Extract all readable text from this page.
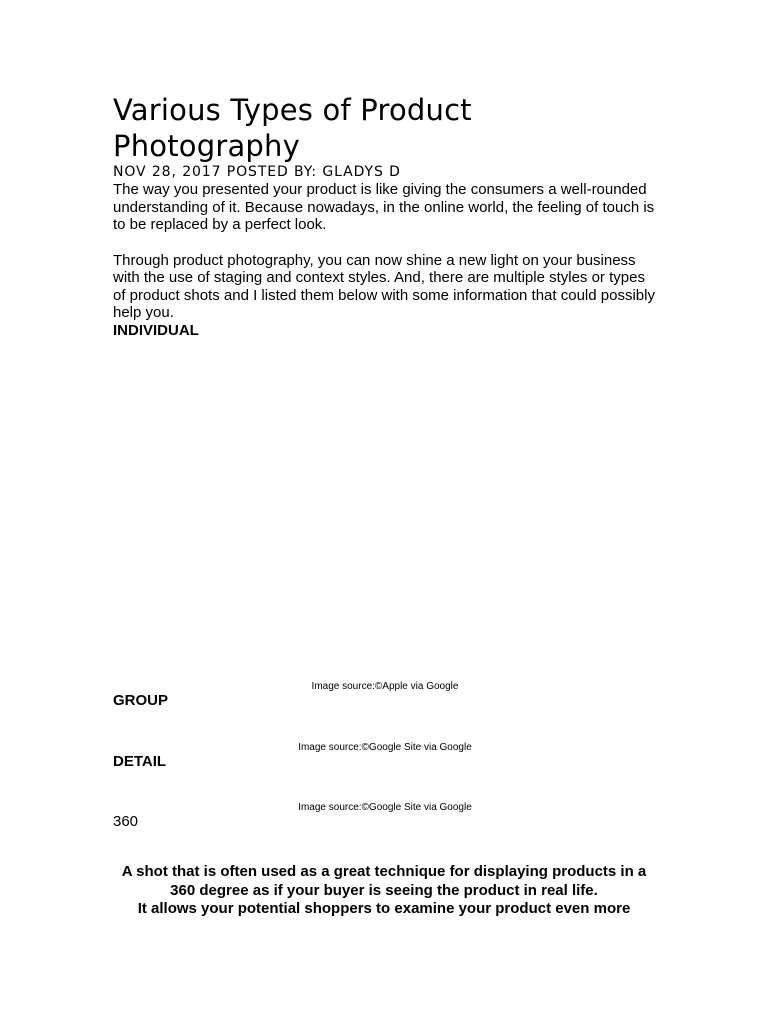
Various Types of Product
Photography

NOV 28, 2017 POSTED BY: GLADYS D

The way you presented your product is like giving the consumers a well-rounded understanding of it. Because nowadays, in the online world, the feeling of touch is to be replaced by a perfect look.

Through product photography, you can now shine a new light on your business with the use of staging and context styles. And, there are multiple styles or types of product shots and I listed them below with some information that could possibly help you.

INDIVIDUAL

Image source:©Apple via Google
GROUP
Image source:©Google Site via Google
DETAIL
Image source:©Google Site via Google
360
A shot that is often used as a great technique for displaying products in a
360 degree as if your buyer is seeing the product in real life.
It allows your potential shoppers to examine your product even more
